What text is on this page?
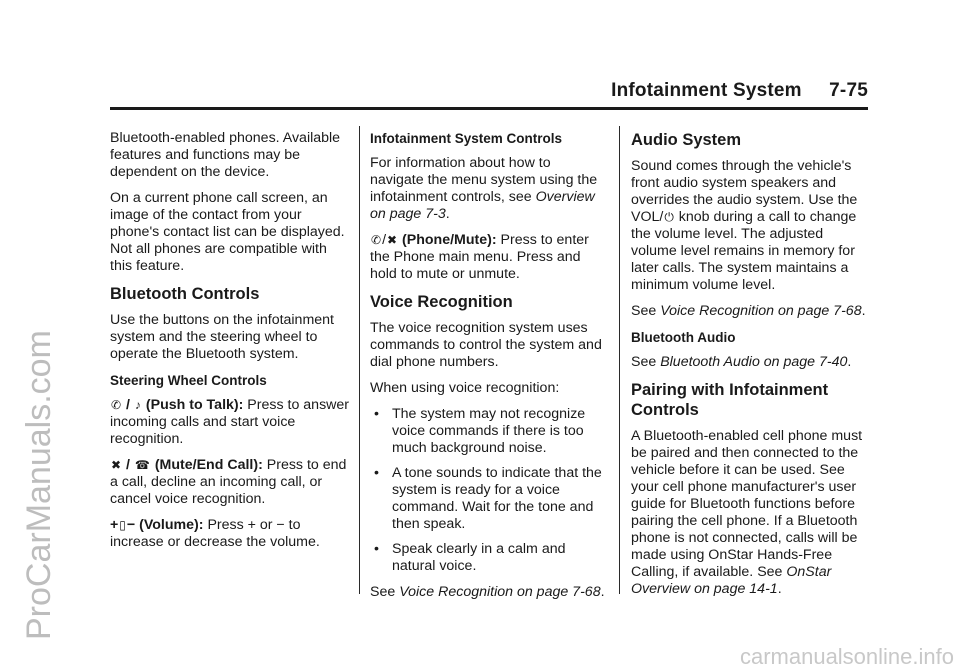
ProCarManuals.com
Infotainment System     7-75

Bluetooth-enabled phones. Available features and functions may be dependent on the device.

On a current phone call screen, an image of the contact from your phone's contact list can be displayed. Not all phones are compatible with this feature.

Bluetooth Controls

Use the buttons on the infotainment system and the steering wheel to operate the Bluetooth system.

Steering Wheel Controls

✆ / ♪ (Push to Talk): Press to answer incoming calls and start voice recognition.

✖ / ☎ (Mute/End Call): Press to end a call, decline an incoming call, or cancel voice recognition.

+▯− (Volume): Press + or − to increase or decrease the volume.

Infotainment System Controls

For information about how to navigate the menu system using the infotainment controls, see Overview on page 7-3.

✆/✖ (Phone/Mute): Press to enter the Phone main menu. Press and hold to mute or unmute.

Voice Recognition

The voice recognition system uses commands to control the system and dial phone numbers.

When using voice recognition:

• The system may not recognize voice commands if there is too much background noise.
• A tone sounds to indicate that the system is ready for a voice command. Wait for the tone and then speak.
• Speak clearly in a calm and natural voice.

See Voice Recognition on page 7-68.

Audio System

Sound comes through the vehicle's front audio system speakers and overrides the audio system. Use the VOL/⏻ knob during a call to change the volume level. The adjusted volume level remains in memory for later calls. The system maintains a minimum volume level.

See Voice Recognition on page 7-68.

Bluetooth Audio

See Bluetooth Audio on page 7-40.

Pairing with Infotainment Controls

A Bluetooth-enabled cell phone must be paired and then connected to the vehicle before it can be used. See your cell phone manufacturer's user guide for Bluetooth functions before pairing the cell phone. If a Bluetooth phone is not connected, calls will be made using OnStar Hands-Free Calling, if available. See OnStar Overview on page 14-1.

carmanualsonline.info
